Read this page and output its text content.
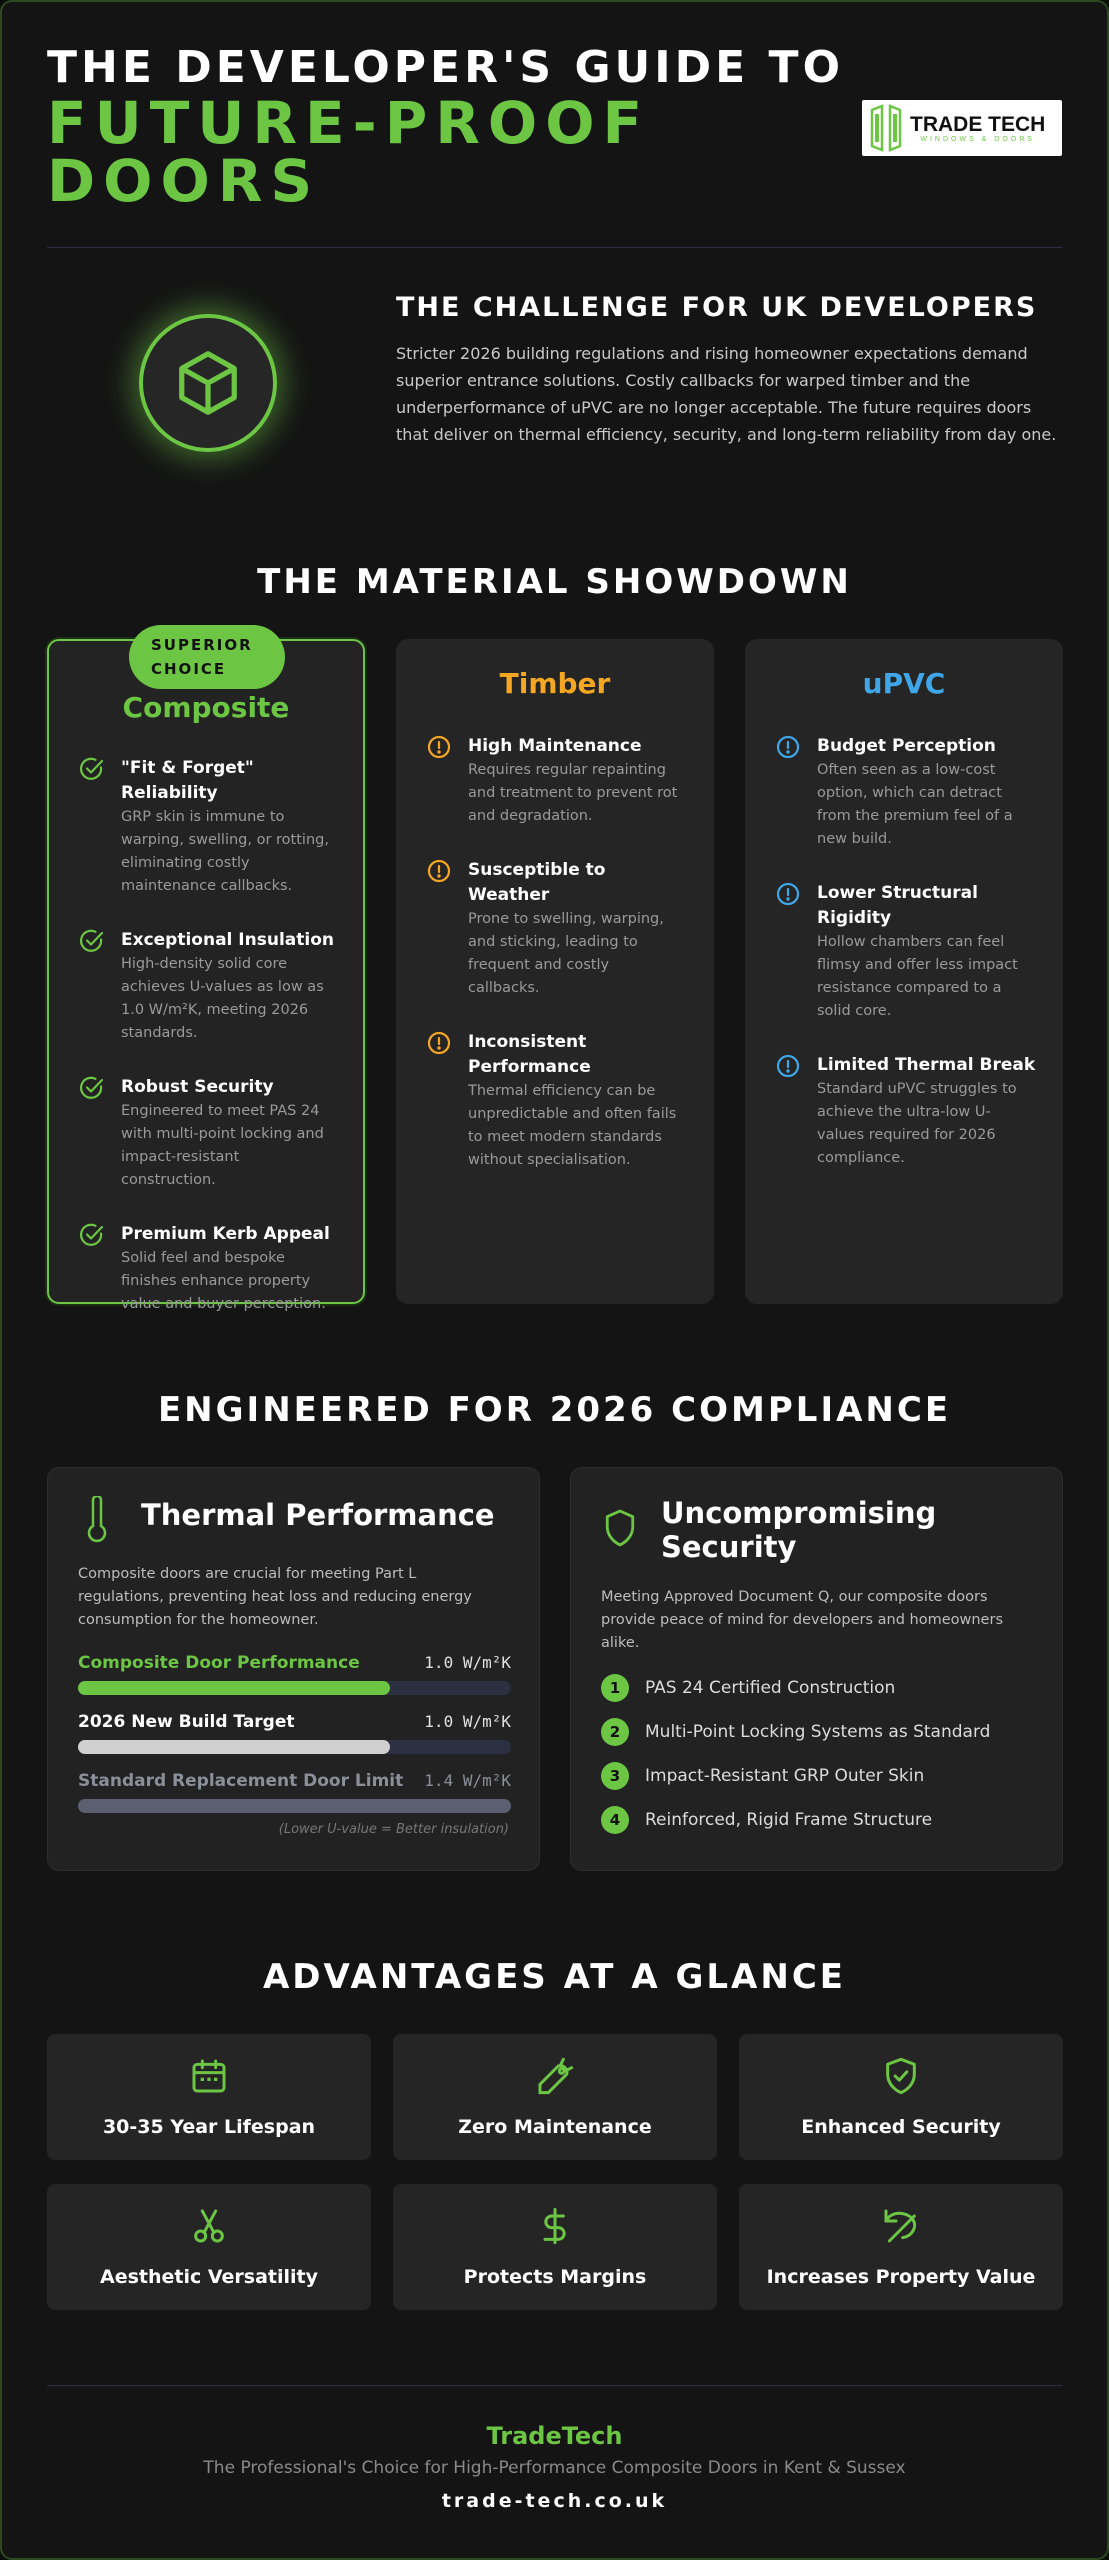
THE DEVELOPER'S GUIDE TO
FUTURE-PROOF
DOORS
TRADE TECH
WINDOWS & DOORS
THE CHALLENGE FOR UK DEVELOPERS
Stricter 2026 building regulations and rising homeowner expectations demand superior entrance solutions. Costly callbacks for warped timber and the underperformance of uPVC are no longer acceptable. The future requires doors that deliver on thermal efficiency, security, and long-term reliability from day one.
THE MATERIAL SHOWDOWN
SUPERIOR
CHOICE
Composite
"Fit & Forget"
Reliability
GRP skin is immune to
warping, swelling, or rotting,
eliminating costly
maintenance callbacks.
Exceptional Insulation
High-density solid core
achieves U-values as low as
1.0 W/m²K, meeting 2026
standards.
Robust Security
Engineered to meet PAS 24
with multi-point locking and
impact-resistant
construction.
Premium Kerb Appeal
Solid feel and bespoke
finishes enhance property
value and buyer perception.
Timber
High Maintenance
Requires regular repainting
and treatment to prevent rot
and degradation.
Susceptible to
Weather
Prone to swelling, warping,
and sticking, leading to
frequent and costly
callbacks.
Inconsistent
Performance
Thermal efficiency can be
unpredictable and often fails
to meet modern standards
without specialisation.
uPVC
Budget Perception
Often seen as a low-cost
option, which can detract
from the premium feel of a
new build.
Lower Structural
Rigidity
Hollow chambers can feel
flimsy and offer less impact
resistance compared to a
solid core.
Limited Thermal Break
Standard uPVC struggles to
achieve the ultra-low U-
values required for 2026
compliance.
ENGINEERED FOR 2026 COMPLIANCE
Thermal Performance
Composite doors are crucial for meeting Part L
regulations, preventing heat loss and reducing energy
consumption for the homeowner.
Composite Door Performance	1.0 W/m²K
2026 New Build Target	1.0 W/m²K
Standard Replacement Door Limit	1.4 W/m²K
(Lower U-value = Better insulation)
Uncompromising
Security
Meeting Approved Document Q, our composite doors
provide peace of mind for developers and homeowners
alike.
1	PAS 24 Certified Construction
2	Multi-Point Locking Systems as Standard
3	Impact-Resistant GRP Outer Skin
4	Reinforced, Rigid Frame Structure
ADVANTAGES AT A GLANCE
30-35 Year Lifespan	Zero Maintenance	Enhanced Security
Aesthetic Versatility	Protects Margins	Increases Property Value
TradeTech
The Professional's Choice for High-Performance Composite Doors in Kent & Sussex
trade-tech.co.uk
